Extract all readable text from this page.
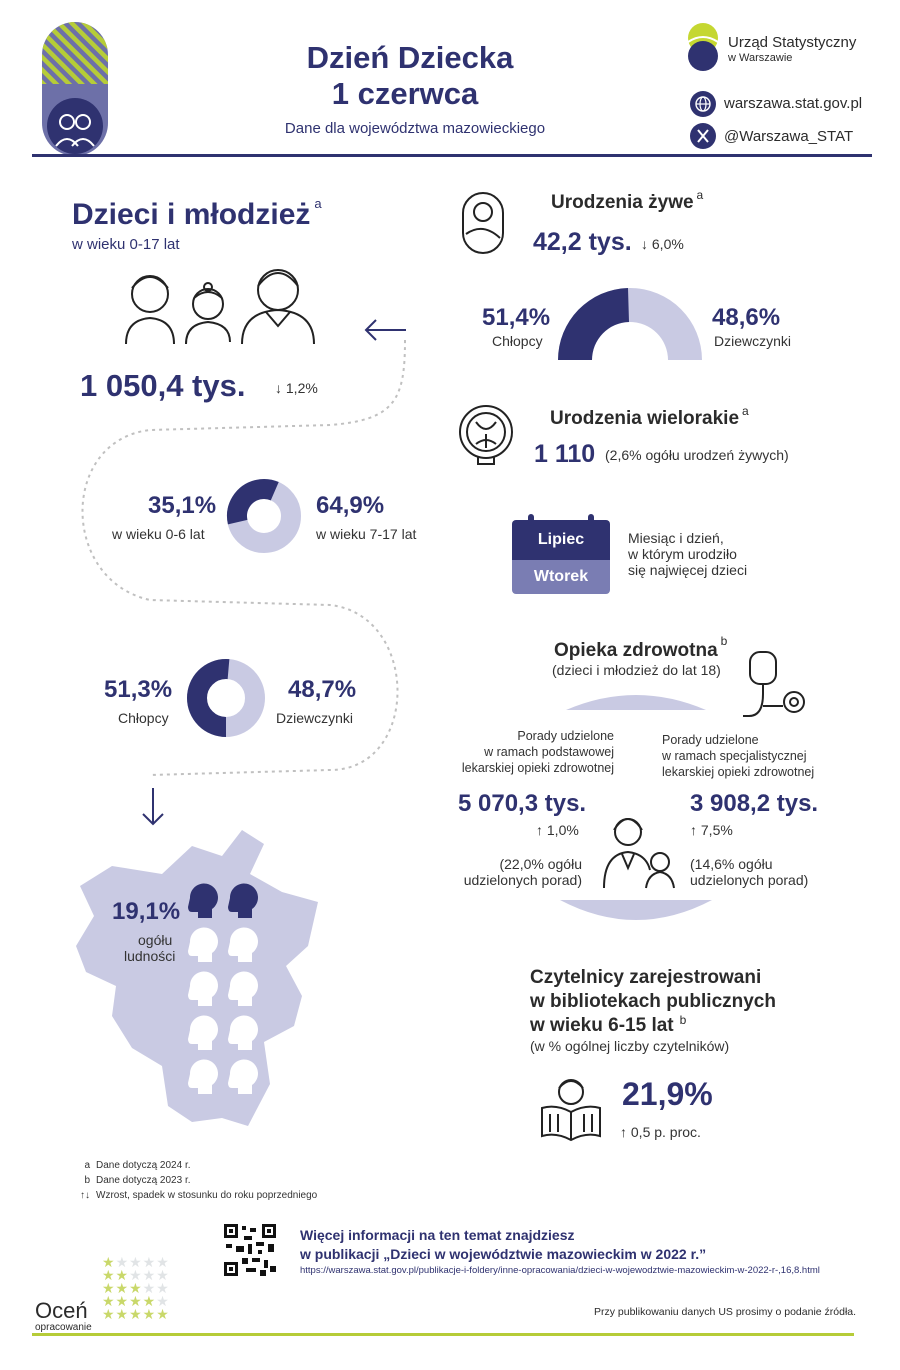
Dzień Dziecka
1 czerwca
Dane dla województwa mazowieckiego
Urząd Statystyczny
w Warszawie
warszawa.stat.gov.pl
@Warszawa_STAT
Dzieci i młodzież $^a$
w wieku 0-17 lat
1 050,4 tys. ↓ 1,2%
35,1%
w wieku 0-6 lat
64,9%
w wieku 7-17 lat
51,3%
Chłopcy
48,7%
Dziewczynki
19,1%
ogółu
ludności
a Dane dotyczą 2024 r.
b Dane dotyczą 2023 r.
↑↓ Wzrost, spadek w stosunku do roku poprzedniego
Urodzenia żywe $^a$
42,2 tys. ↓ 6,0%
51,4%
Chłopcy
48,6%
Dziewczynki
Urodzenia wielorakie $^a$
1 110 (2,6% ogółu urodzeń żywych)
Lipiec
Wtorek
Miesiąc i dzień,
w którym urodziło
się najwięcej dzieci
Opieka zdrowotna $^b$
(dzieci i młodzież do lat 18)
Porady udzielone
w ramach podstawowej
lekarskiej opieki zdrowotnej
5 070,3 tys.
↑ 1,0%
(22,0% ogółu
udzielonych porad)
Porady udzielone
w ramach specjalistycznej
lekarskiej opieki zdrowotnej
3 908,2 tys.
↑ 7,5%
(14,6% ogółu
udzielonych porad)
Czytelnicy zarejestrowani
w bibliotekach publicznych
w wieku 6-15 lat $^b$
(w % ogólnej liczby czytelników)
21,9%
↑ 0,5 p. proc.
Więcej informacji na ten temat znajdziesz
w publikacji „Dzieci w województwie mazowieckim w 2022 r.”
https://warszawa.stat.gov.pl/publikacje-i-foldery/inne-opracowania/dzieci-w-wojewodztwie-mazowieckim-w-2022-r-,16,8.html
★★★★★
★★★★★
★★★★★
★★★★★
★★★★★
Oceń
opracowanie
Przy publikowaniu danych US prosimy o podanie źródła.
